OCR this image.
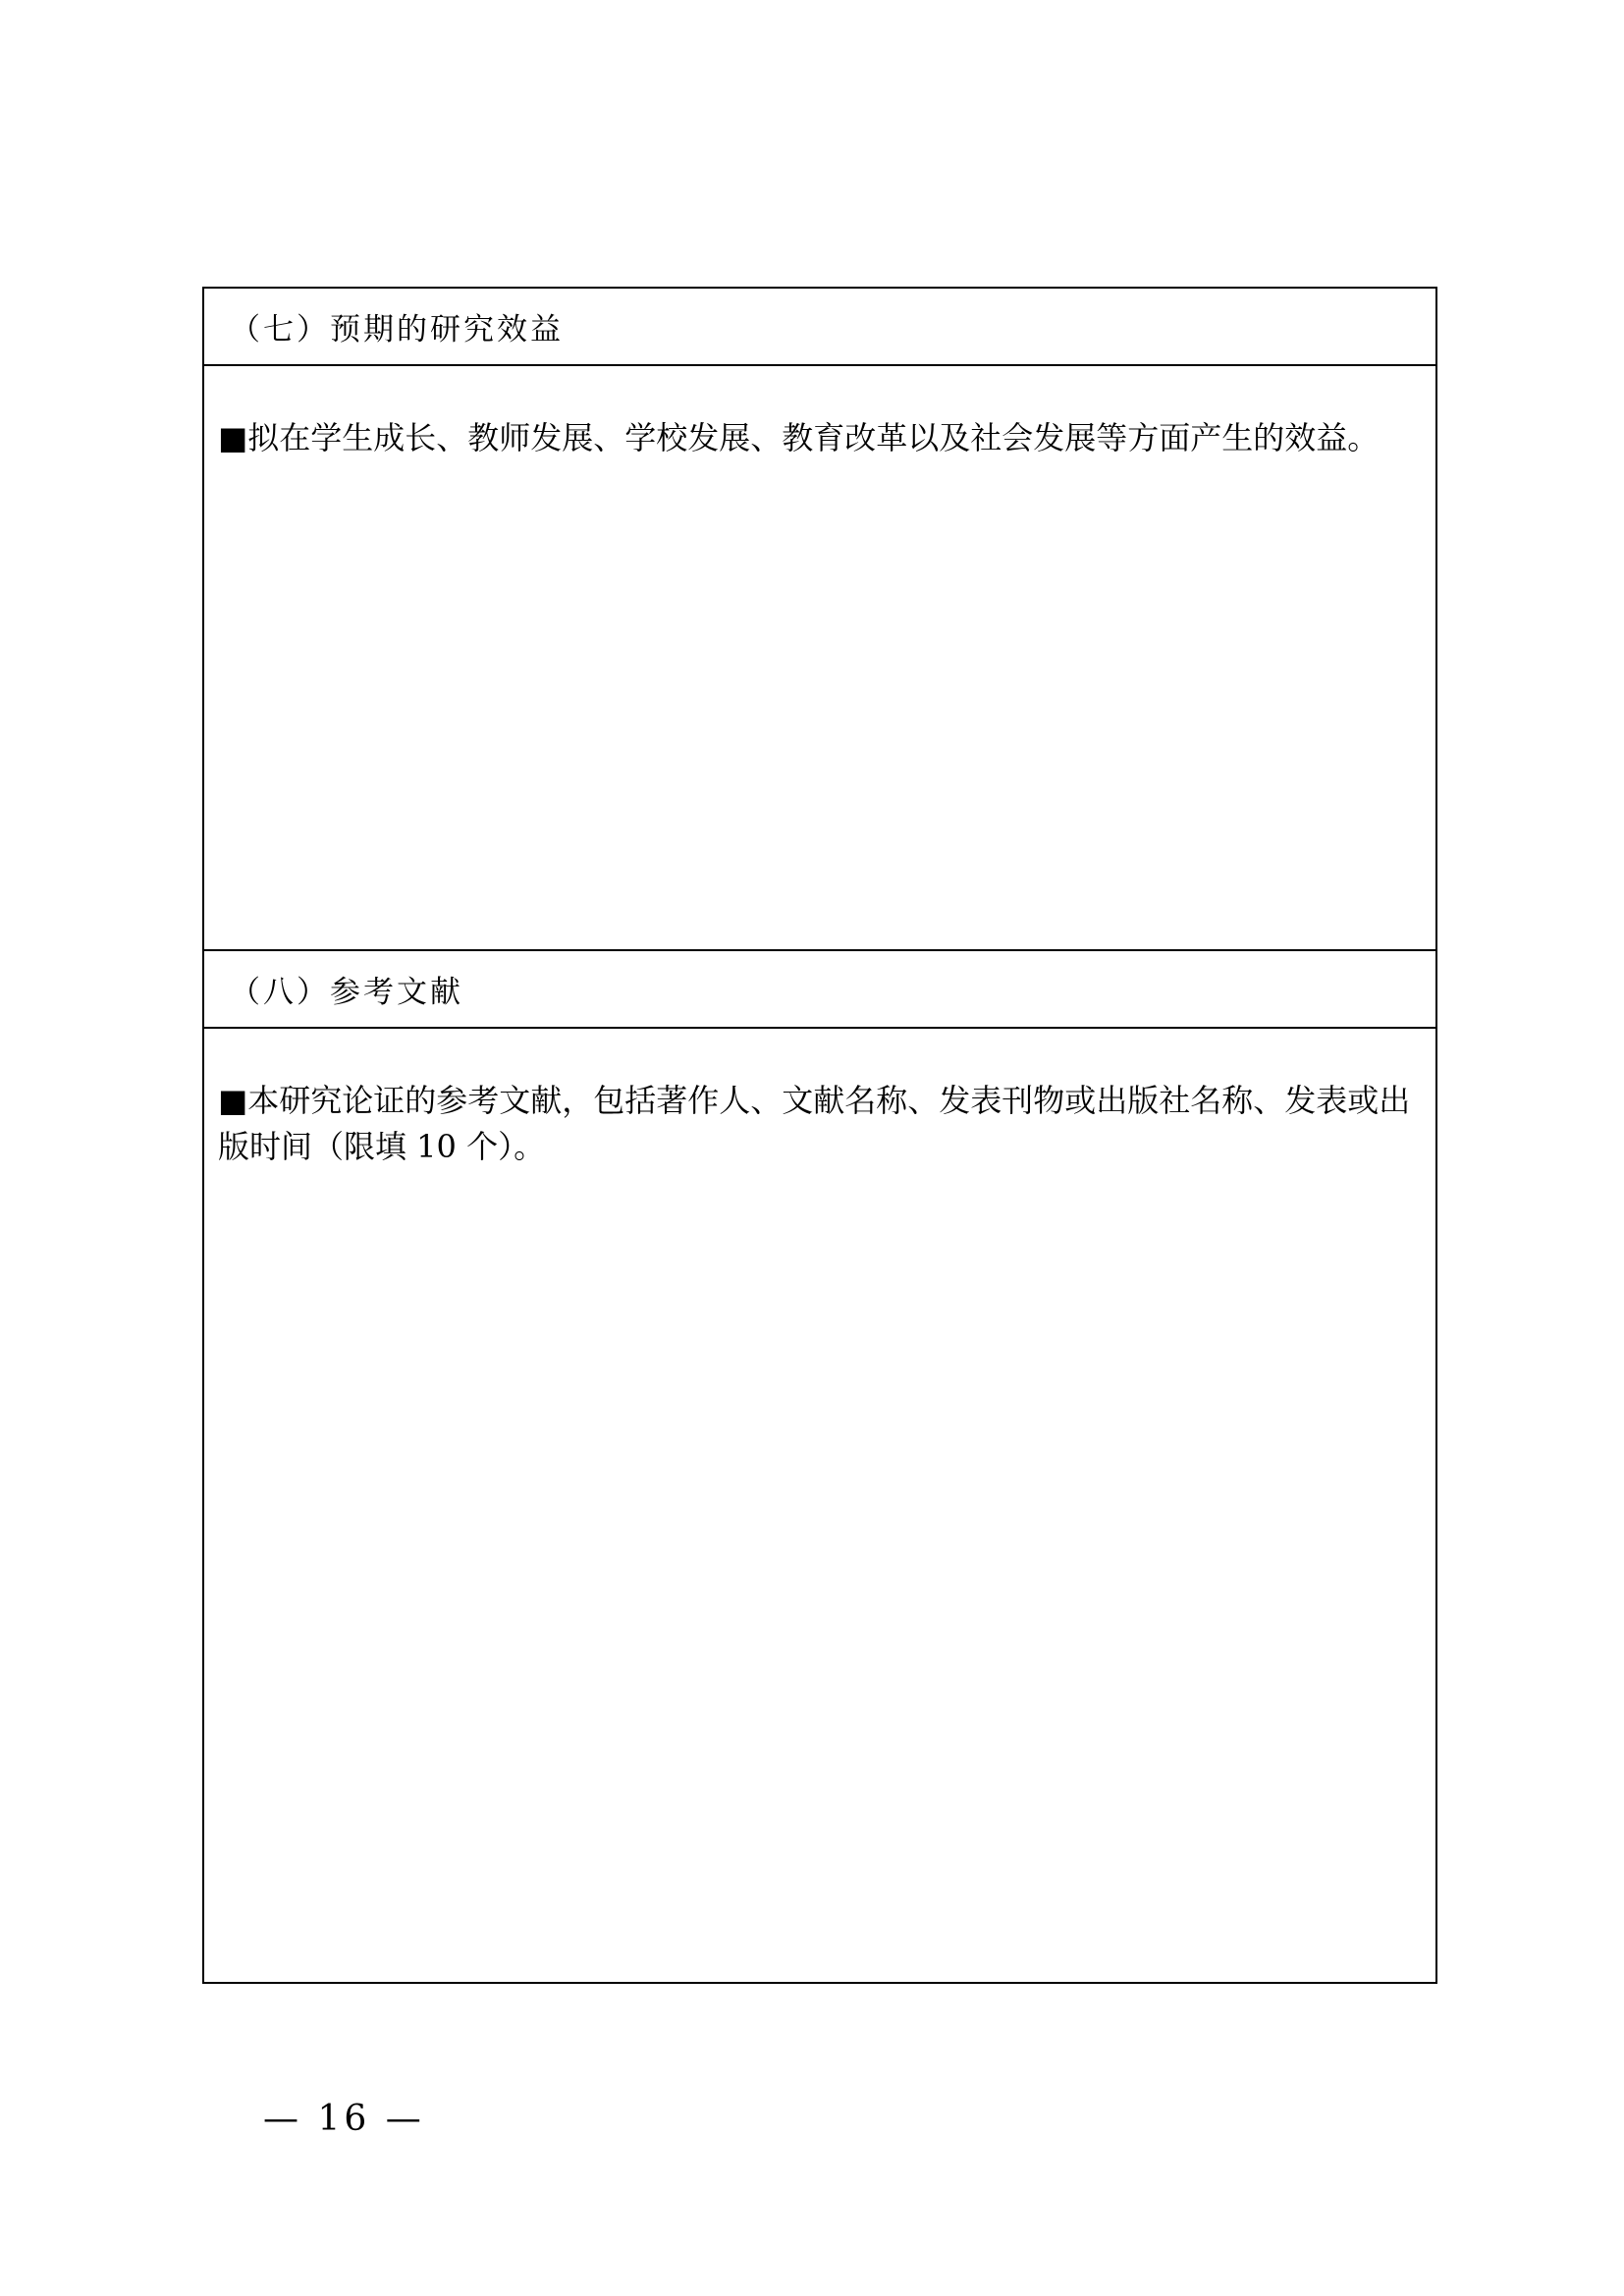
（七）预期的研究效益

■拟在学生成长、教师发展、学校发展、教育改革以及社会发展等方面产生的效益。

（八）参考文献

■本研究论证的参考文献，包括著作人、文献名称、发表刊物或出版社名称、发表或出版时间（限填 10 个）。

— 16 —
